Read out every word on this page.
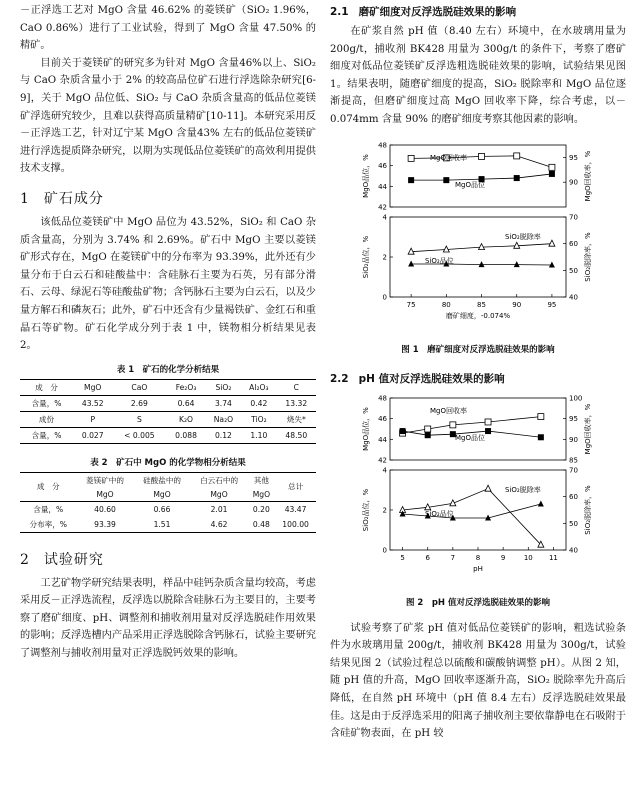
－正浮选工艺对 MgO 含量 46.62% 的菱镁矿（SiO₂ 1.96%，CaO 0.86%）进行了工业试验，得到了 MgO 含量 47.50% 的精矿。

目前关于菱镁矿的研究多为针对 MgO 含量46%以上、SiO₂ 与 CaO 杂质含量小于 2% 的较高品位矿石进行浮选除杂研究[6-9]，关于 MgO 品位低、SiO₂ 与 CaO 杂质含量高的低品位菱镁矿浮选研究较少，且难以获得高质量精矿[10-11]。本研究采用反－正浮选工艺，针对辽宁某 MgO 含量43% 左右的低品位菱镁矿进行浮选提质降杂研究，以期为实现低品位菱镁矿的高效利用提供技术支撑。

1 矿石成分

该低品位菱镁矿中 MgO 品位为 43.52%，SiO₂ 和 CaO 杂质含量高，分别为 3.74% 和 2.69%。矿石中 MgO 主要以菱镁矿形式存在，MgO 在菱镁矿中的分布率为 93.39%，此外还有少量分布于白云石和硅酸盐中：含硅脉石主要为石英，另有部分滑石、云母、绿泥石等硅酸盐矿物；含钙脉石主要为白云石，以及少量方解石和磷灰石；此外，矿石中还含有少量褐铁矿、金红石和重晶石等矿物。矿石化学成分列于表 1 中，镁物相分析结果见表 2。

表 1　矿石的化学分析结果
成　分	MgO	CaO	Fe₂O₃	SiO₂	Al₂O₃	C
含量，%	43.52	2.69	0.64	3.74	0.42	13.32
成份	P	S	K₂O	Na₂O	TiO₂	烧失*
含量，%	0.027	< 0.005	0.088	0.12	1.10	48.50
表 2　矿石中 MgO 的化学物相分析结果
成　分	菱镁矿中的	硅酸盐中的	白云石中的	其他	总计
	MgO	MgO	MgO	MgO	
含量，%	40.60	0.66	2.01	0.20	43.47
分布率，%	93.39	1.51	4.62	0.48	100.00
2 试验研究

工艺矿物学研究结果表明，样品中硅钙杂质含量均较高，考虑采用反－正浮选流程，反浮选以脱除含硅脉石为主要目的，主要考察了磨矿细度、pH、调整剂和捕收剂用量对反浮选脱硅作用效果的影响；反浮选槽内产品采用正浮选脱除含钙脉石，试验主要研究了调整剂与捕收剂用量对正浮选脱钙效果的影响。

2.1 磨矿细度对反浮选脱硅效果的影响

在矿浆自然 pH 值（8.40 左右）环境中，在水玻璃用量为 200g/t，捕收剂 BK428 用量为 300g/t 的条件下，考察了磨矿细度对低品位菱镁矿反浮选粗选脱硅效果的影响，试验结果见图 1。结果表明，随磨矿细度的提高，SiO₂ 脱除率和 MgO 品位逐渐提高，但磨矿细度过高 MgO 回收率下降，综合考虑，以－0.074mm 含量 90% 的磨矿细度考察其他因素的影响。

42
44
46
48
90
95
0
2
4
40
50
60
70
75	80	85	90	95
磨矿细度，-0.074%
MgO品位，%
SiO₂品位，%
MgO回收率，%
SiO₂脱除率，%
MgO回收率
MgO品位
SiO₂脱除率
SiO₂品位
图 1　磨矿细度对反浮选脱硅效果的影响
2.2 pH 值对反浮选脱硅效果的影响
42
44
46
48
85
90
95
100
0
2
4
40
50
60
70
5	6	7	8	9	10 11
pH
MgO品位，%
SiO₂品位，%
MgO回收率，%
SiO₂脱除率，%
MgO回收率
MgO品位
SiO₂脱除率
SiO₂品位
图 2　pH 值对反浮选脱硅效果的影响

试验考察了矿浆 pH 值对低品位菱镁矿的影响，粗选试验条件为水玻璃用量 200g/t，捕收剂 BK428 用量为 300g/t，试验结果见图 2（试验过程总以硫酸和碳酸钠调整 pH）。从图 2 知，随 pH 值的升高，MgO 回收率逐渐升高，SiO₂ 脱除率先升高后降低，在自然 pH 环境中（pH 值 8.4 左右）反浮选脱硅效果最佳。这是由于反浮选采用的阳离子捕收剂主要依靠静电在石吸附于含硅矿物表面，在 pH 较
